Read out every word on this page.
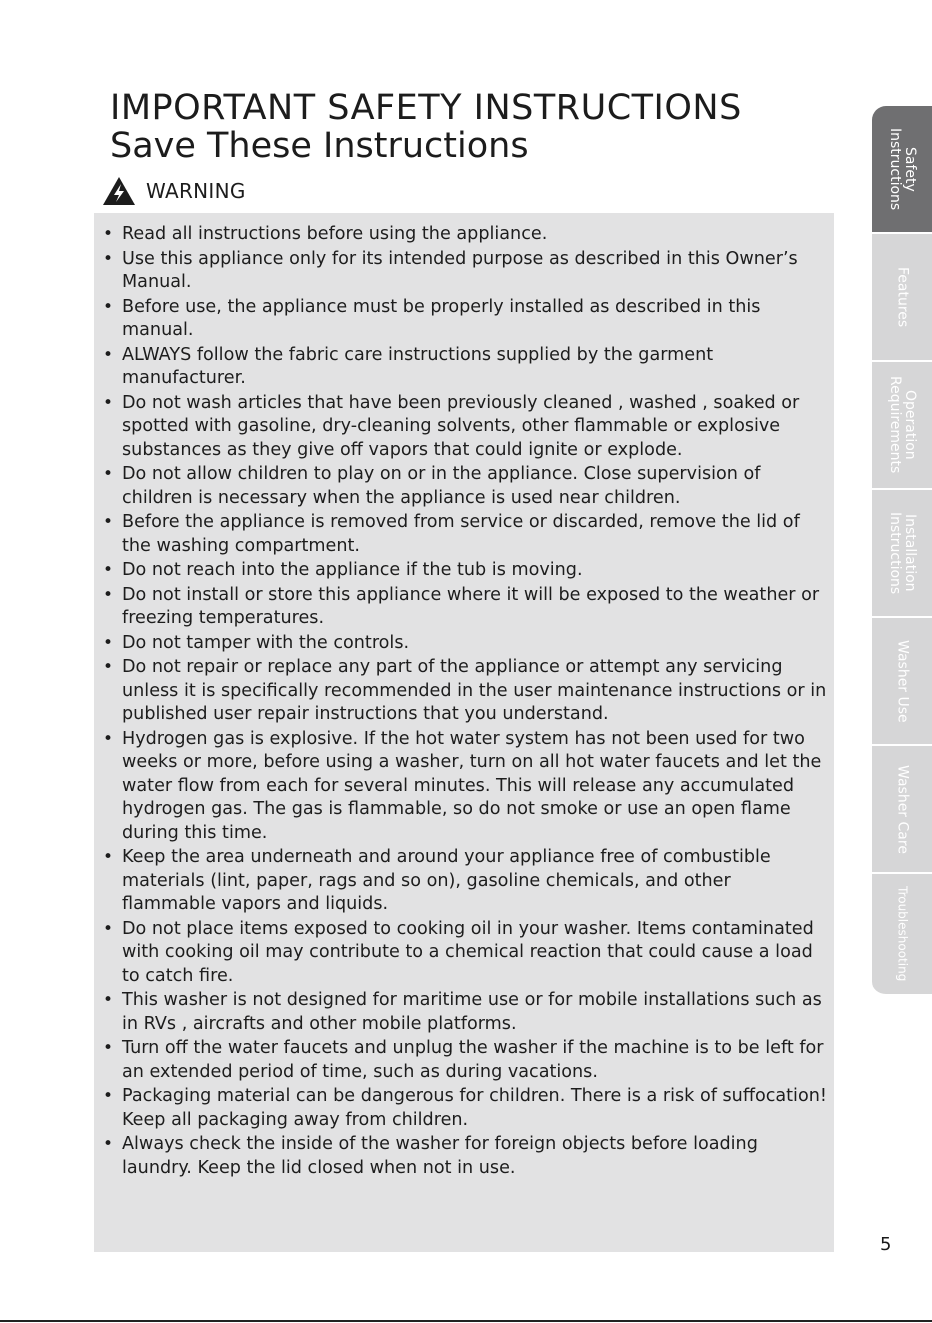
IMPORTANT SAFETY INSTRUCTIONS
Save These Instructions
WARNING
• Read all instructions before using the appliance.
• Use this appliance only for its intended purpose as described in this Owner’s Manual.
• Before use, the appliance must be properly installed as described in this manual.
• ALWAYS follow the fabric care instructions supplied by the garment manufacturer.
• Do not wash articles that have been previously cleaned , washed , soaked or spotted with gasoline, dry-cleaning solvents, other flammable or explosive substances as they give off vapors that could ignite or explode.
• Do not allow children to play on or in the appliance. Close supervision of children is necessary when the appliance is used near children.
• Before the appliance is removed from service or discarded, remove the lid of the washing compartment.
• Do not reach into the appliance if the tub is moving.
• Do not install or store this appliance where it will be exposed to the weather or freezing temperatures.
• Do not tamper with the controls.
• Do not repair or replace any part of the appliance or attempt any servicing unless it is specifically recommended in the user maintenance instructions or in published user repair instructions that you understand.
• Hydrogen gas is explosive. If the hot water system has not been used for two weeks or more, before using a washer, turn on all hot water faucets and let the water flow from each for several minutes. This will release any accumulated hydrogen gas. The gas is flammable, so do not smoke or use an open flame during this time.
• Keep the area underneath and around your appliance free of combustible materials (lint, paper, rags and so on), gasoline chemicals, and other flammable vapors and liquids.
• Do not place items exposed to cooking oil in your washer. Items contaminated with cooking oil may contribute to a chemical reaction that could cause a load to catch fire.
• This washer is not designed for maritime use or for mobile installations such as in RVs , aircrafts and other mobile platforms.
• Turn off the water faucets and unplug the washer if the machine is to be left for an extended period of time, such as during vacations.
• Packaging material can be dangerous for children. There is a risk of suffocation! Keep all packaging away from children.
• Always check the inside of the washer for foreign objects before loading laundry. Keep the lid closed when not in use.
Safety
Instructions
Features
Operation
Requirements
Installation
Instructions
Washer Use
Washer Care
Troubleshooting
5
